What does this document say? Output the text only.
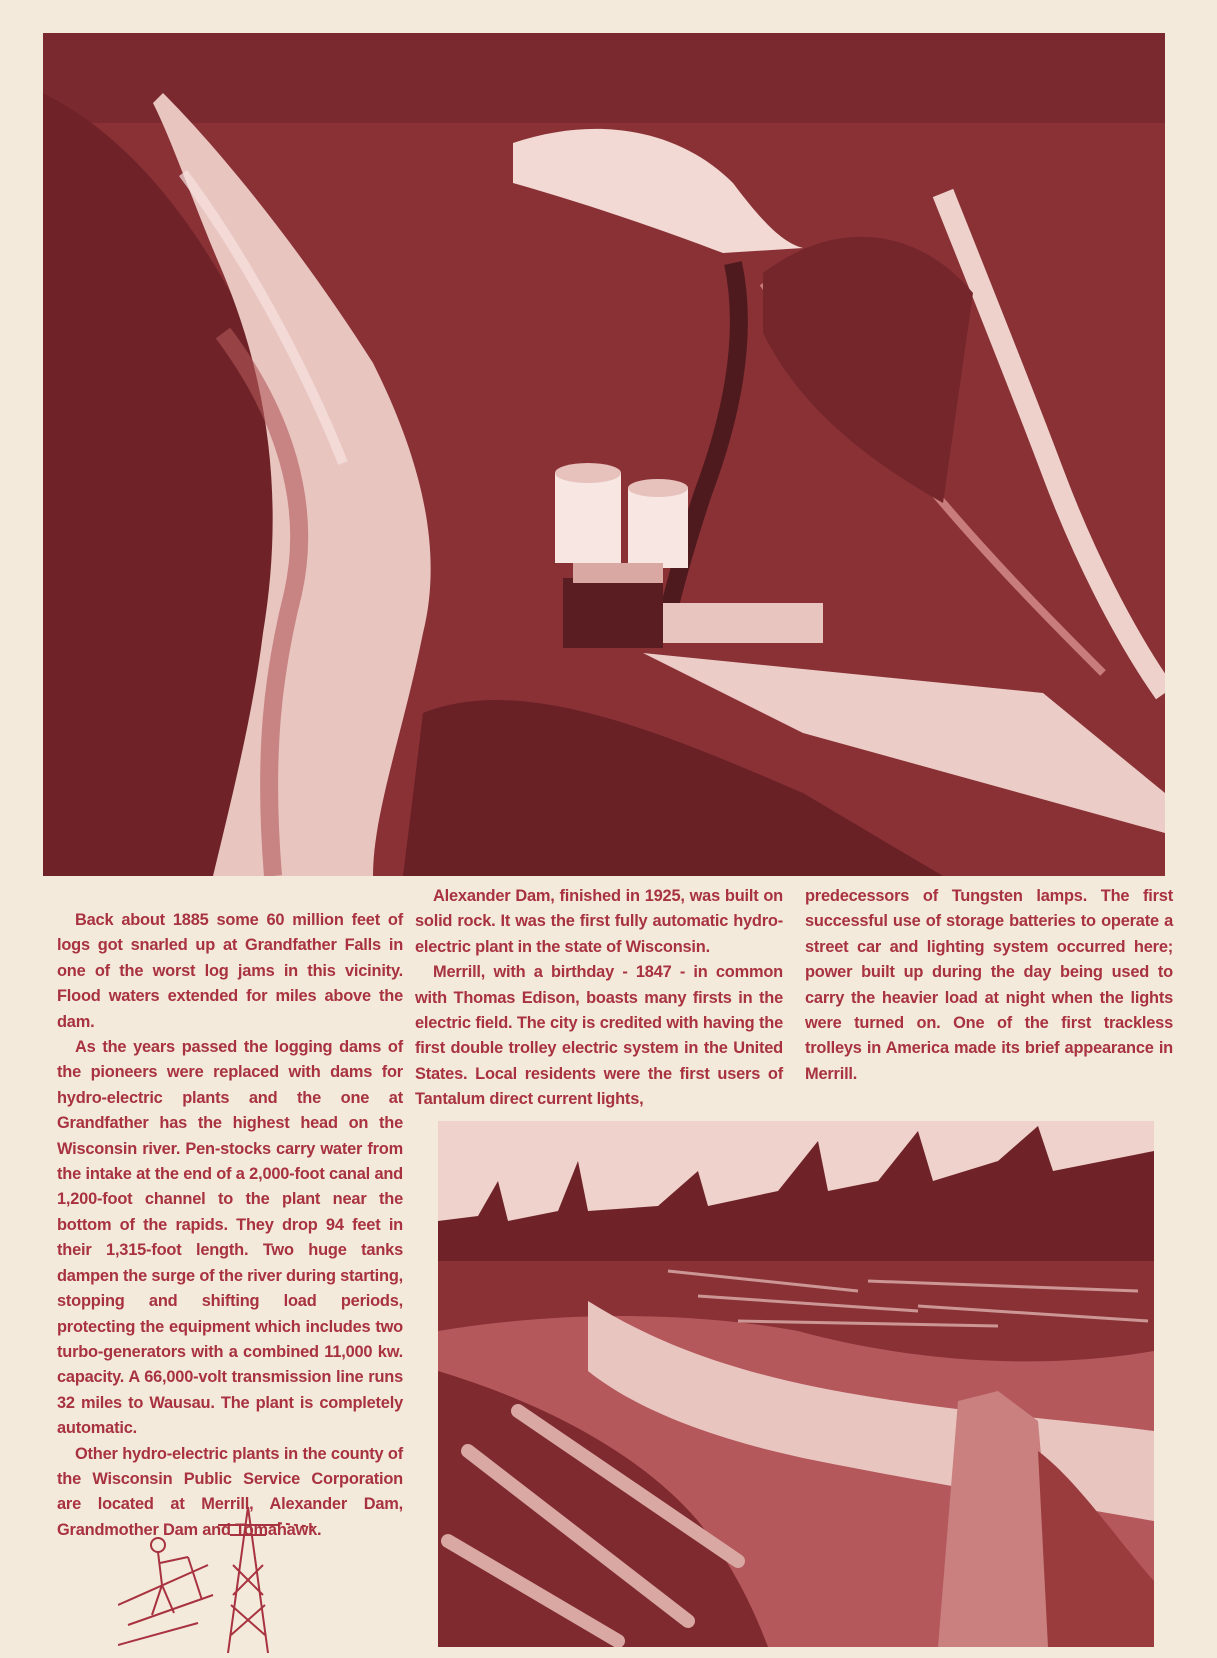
Back about 1885 some 60 million feet of logs got snarled up at Grandfather Falls in one of the worst log jams in this vicinity. Flood waters extended for miles above the dam.

As the years passed the logging dams of the pioneers were replaced with dams for hydro-electric plants and the one at Grandfather has the highest head on the Wisconsin river. Pen-stocks carry water from the intake at the end of a 2,000-foot canal and 1,200-foot channel to the plant near the bottom of the rapids. They drop 94 feet in their 1,315-foot length. Two huge tanks dampen the surge of the river during starting, stopping and shifting load periods, protecting the equipment which includes two turbo-generators with a combined 11,000 kw. capacity. A 66,000-volt transmission line runs 32 miles to Wausau. The plant is completely automatic.

Other hydro-electric plants in the county of the Wisconsin Public Service Corporation are located at Merrill, Alexander Dam, Grandmother Dam and Tomahawk.

Alexander Dam, finished in 1925, was built on solid rock. It was the first fully automatic hydro-electric plant in the state of Wisconsin.

Merrill, with a birthday - 1847 - in common with Thomas Edison, boasts many firsts in the electric field. The city is credited with having the first double trolley electric system in the United States. Local residents were the first users of Tantalum direct current lights,

predecessors of Tungsten lamps. The first successful use of storage batteries to operate a street car and lighting system occurred here; power built up during the day being used to carry the heavier load at night when the lights were turned on. One of the first trackless trolleys in America made its brief appearance in Merrill.
